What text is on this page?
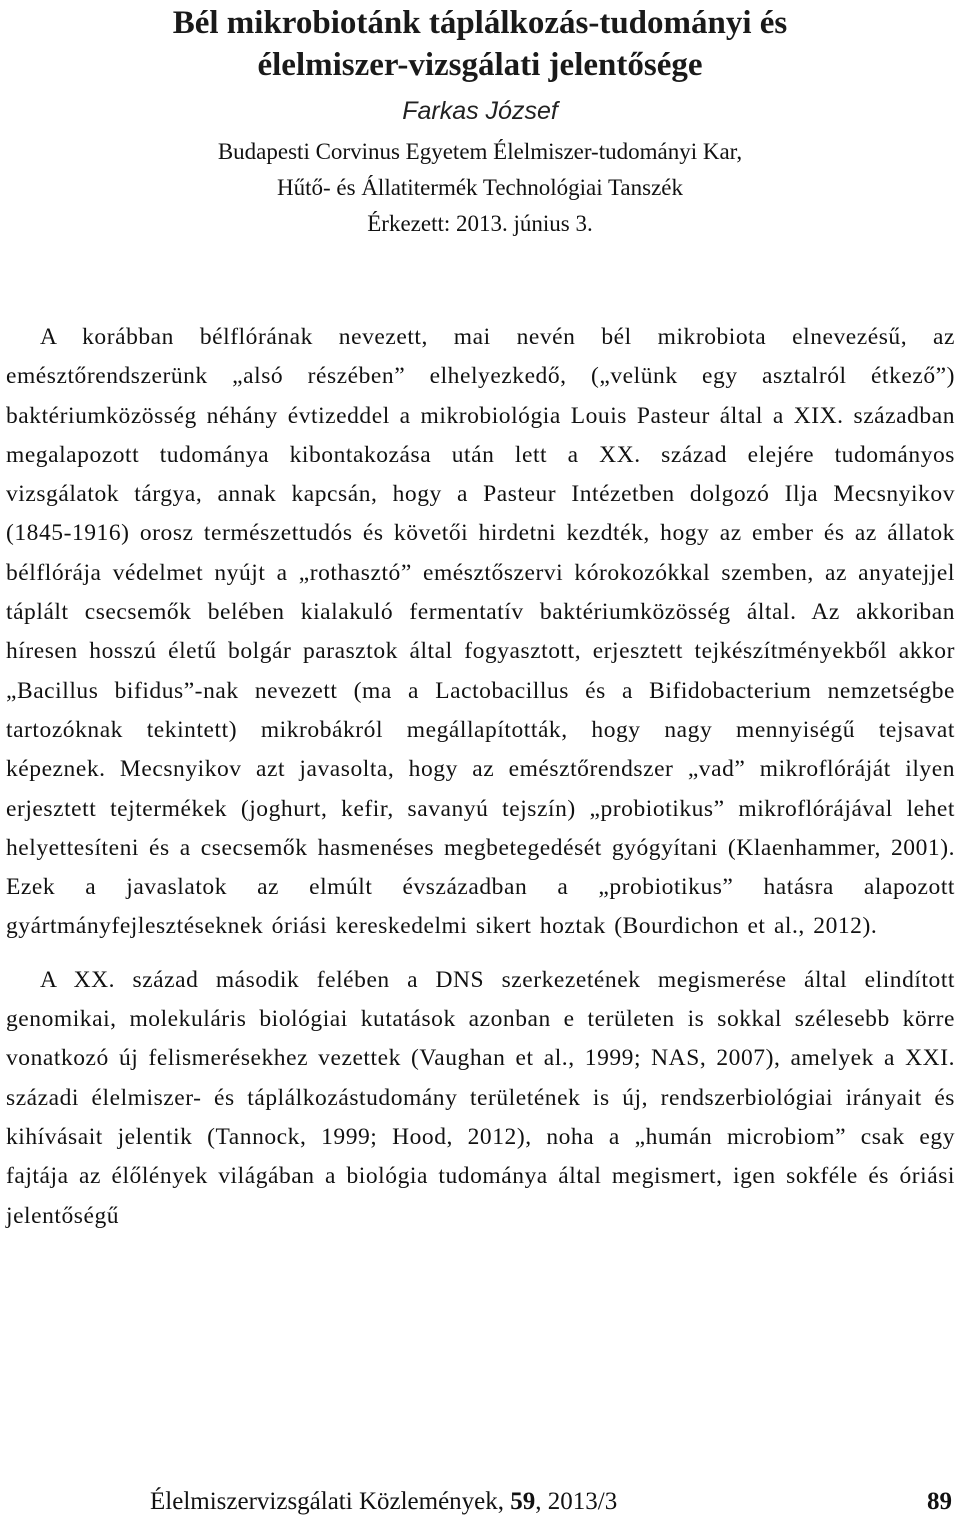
Bél mikrobiotánk táplálkozás-tudományi és
élelmiszer-vizsgálati jelentősége
Farkas József
Budapesti Corvinus Egyetem Élelmiszer-tudományi Kar,
Hűtő- és Állatitermék Technológiai Tanszék
Érkezett: 2013. június 3.

A korábban bélflórának nevezett, mai nevén bél mikrobiota elnevezésű, az emésztőrendszerünk „alsó részében” elhelyezkedő, („velünk egy asztalról étkező”) baktériumközösség néhány évtizeddel a mikrobiológia Louis Pasteur által a XIX. században megalapozott tudománya kibontakozása után lett a XX. század elejére tudományos vizsgálatok tárgya, annak kapcsán, hogy a Pasteur Intézetben dolgozó Ilja Mecsnyikov (1845-1916) orosz természettudós és követői hirdetni kezdték, hogy az ember és az állatok bélflórája védelmet nyújt a „rothasztó” emésztőszervi kórokozókkal szemben, az anyatejjel táplált csecsemők belében kialakuló fermentatív baktériumközösség által. Az akkoriban híresen hosszú életű bolgár parasztok által fogyasztott, erjesztett tejkészítményekből akkor „Bacillus bifidus”-nak nevezett (ma a Lactobacillus és a Bifidobacterium nemzetségbe tartozóknak tekintett) mikrobákról megállapították, hogy nagy mennyiségű tejsavat képeznek. Mecsnyikov azt javasolta, hogy az emésztőrendszer „vad” mikroflóráját ilyen erjesztett tejtermékek (joghurt, kefir, savanyú tejszín) „probiotikus” mikroflórájával lehet helyettesíteni és a csecsemők hasmenéses megbetegedését gyógyítani (Klaenhammer, 2001). Ezek a javaslatok az elmúlt évszázadban a „probiotikus” hatásra alapozott gyártmányfejlesztéseknek óriási kereskedelmi sikert hoztak (Bourdichon et al., 2012).

A XX. század második felében a DNS szerkezetének megismerése által elindított genomikai, molekuláris biológiai kutatások azonban e területen is sokkal szélesebb körre vonatkozó új felismerésekhez vezettek (Vaughan et al., 1999; NAS, 2007), amelyek a XXI. századi élelmiszer- és táplálkozástudomány területének is új, rendszerbiológiai irányait és kihívásait jelentik (Tannock, 1999; Hood, 2012), noha a „humán microbiom” csak egy fajtája az élőlények világában a biológia tudománya által megismert, igen sokféle és óriási jelentőségű

Élelmiszervizsgálati Közlemények, 59, 2013/3	89
